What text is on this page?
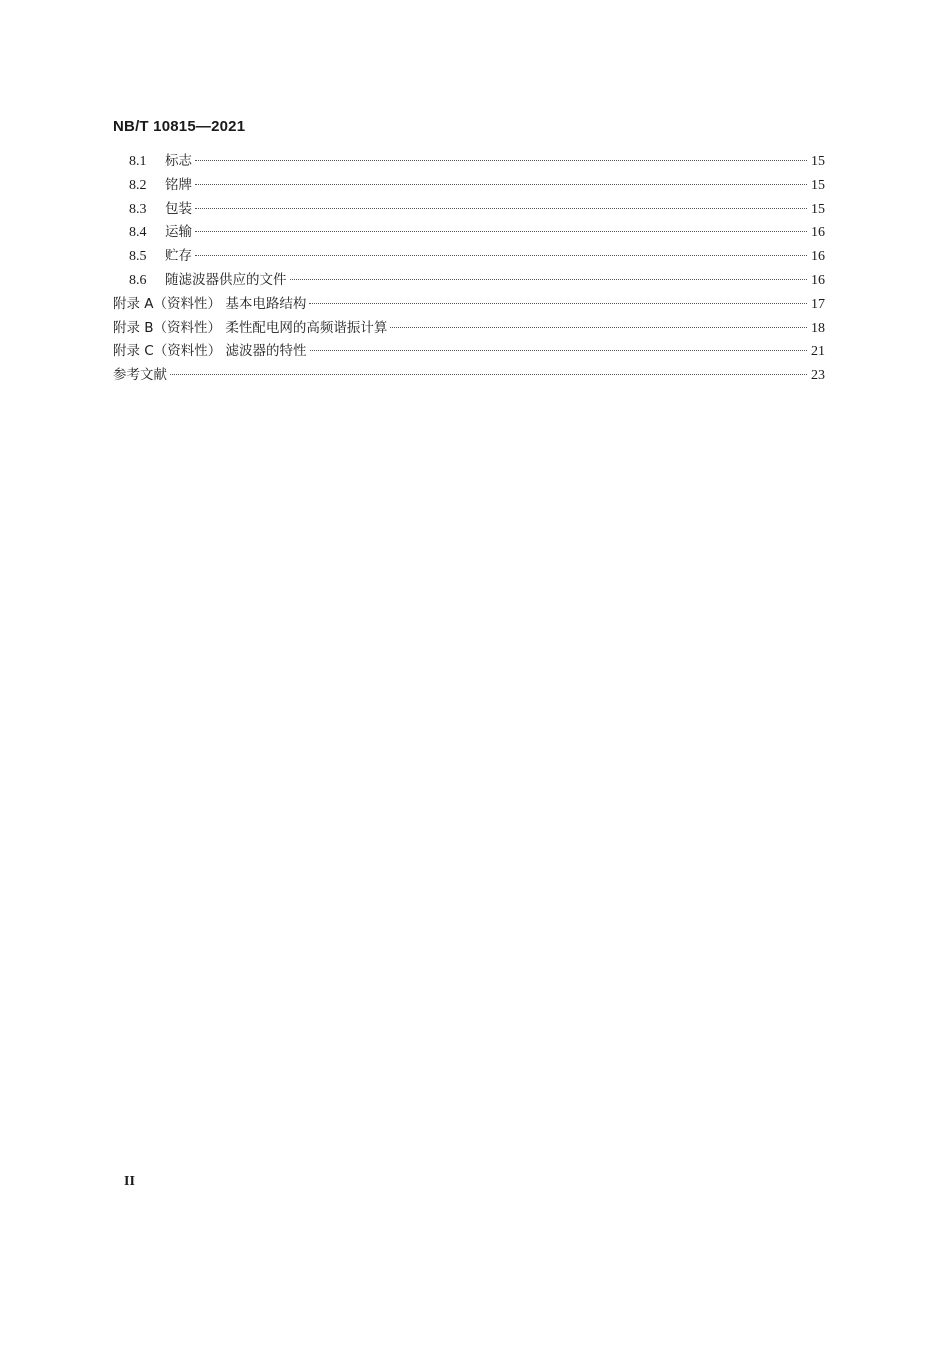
NB/T 10815—2021
8.1	标志	15
8.2	铭牌	15
8.3	包装	15
8.4	运输	16
8.5	贮存	16
8.6	随滤波器供应的文件	16
附录 A（资料性） 基本电路结构	17
附录 B（资料性） 柔性配电网的高频谐振计算	18
附录 C（资料性） 滤波器的特性	21
参考文献	23
II
